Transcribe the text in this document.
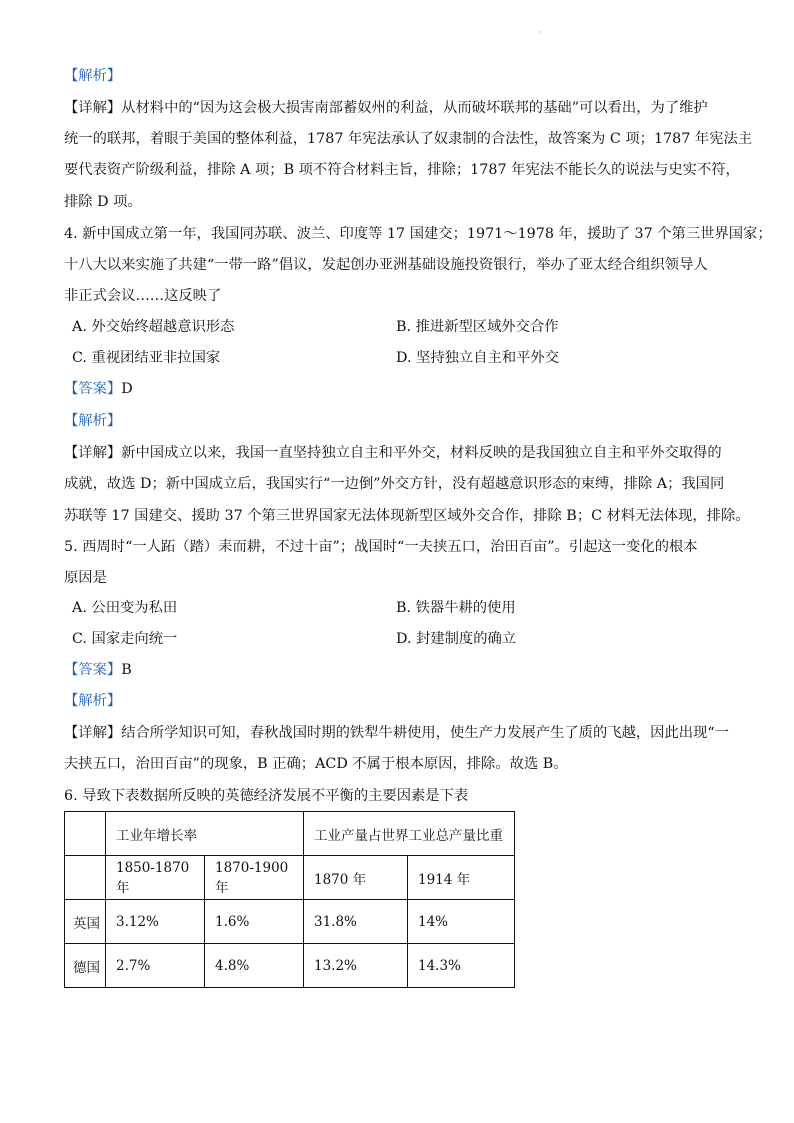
·
【解析】
【详解】从材料中的“因为这会极大损害南部蓄奴州的利益，从而破坏联邦的基础”可以看出，为了维护
统一的联邦，着眼于美国的整体利益，1787 年宪法承认了奴隶制的合法性，故答案为 C 项；1787 年宪法主
要代表资产阶级利益，排除 A 项；B 项不符合材料主旨，排除；1787 年宪法不能长久的说法与史实不符，
排除 D 项。
4. 新中国成立第一年，我国同苏联、波兰、印度等 17 国建交；1971～1978 年，援助了 37 个第三世界国家；
十八大以来实施了共建“一带一路”倡议，发起创办亚洲基础设施投资银行，举办了亚太经合组织领导人
非正式会议……这反映了
A. 外交始终超越意识形态	B. 推进新型区域外交合作
C. 重视团结亚非拉国家	D. 坚持独立自主和平外交
【答案】D
【解析】
【详解】新中国成立以来，我国一直坚持独立自主和平外交，材料反映的是我国独立自主和平外交取得的
成就，故选 D；新中国成立后，我国实行“一边倒”外交方针，没有超越意识形态的束缚，排除 A；我国同
苏联等 17 国建交、援助 37 个第三世界国家无法体现新型区域外交合作，排除 B；C 材料无法体现，排除。
5. 西周时“一人跖（踏）耒而耕，不过十亩”；战国时“一夫挟五口，治田百亩”。引起这一变化的根本
原因是
A. 公田变为私田	B. 铁器牛耕的使用
C. 国家走向统一	D. 封建制度的确立
【答案】B
【解析】
【详解】结合所学知识可知，春秋战国时期的铁犁牛耕使用，使生产力发展产生了质的飞越，因此出现“一
夫挟五口，治田百亩”的现象，B 正确；ACD 不属于根本原因，排除。故选 B。
6. 导致下表数据所反映的英德经济发展不平衡的主要因素是下表
	工业年增长率		工业产量占世界工业总产量比重	
	1850-1870 年	1870-1900 年	1870 年	1914 年
英国	3.12%	1.6%	31.8%	14%
德国	2.7%	4.8%	13.2%	14.3%
